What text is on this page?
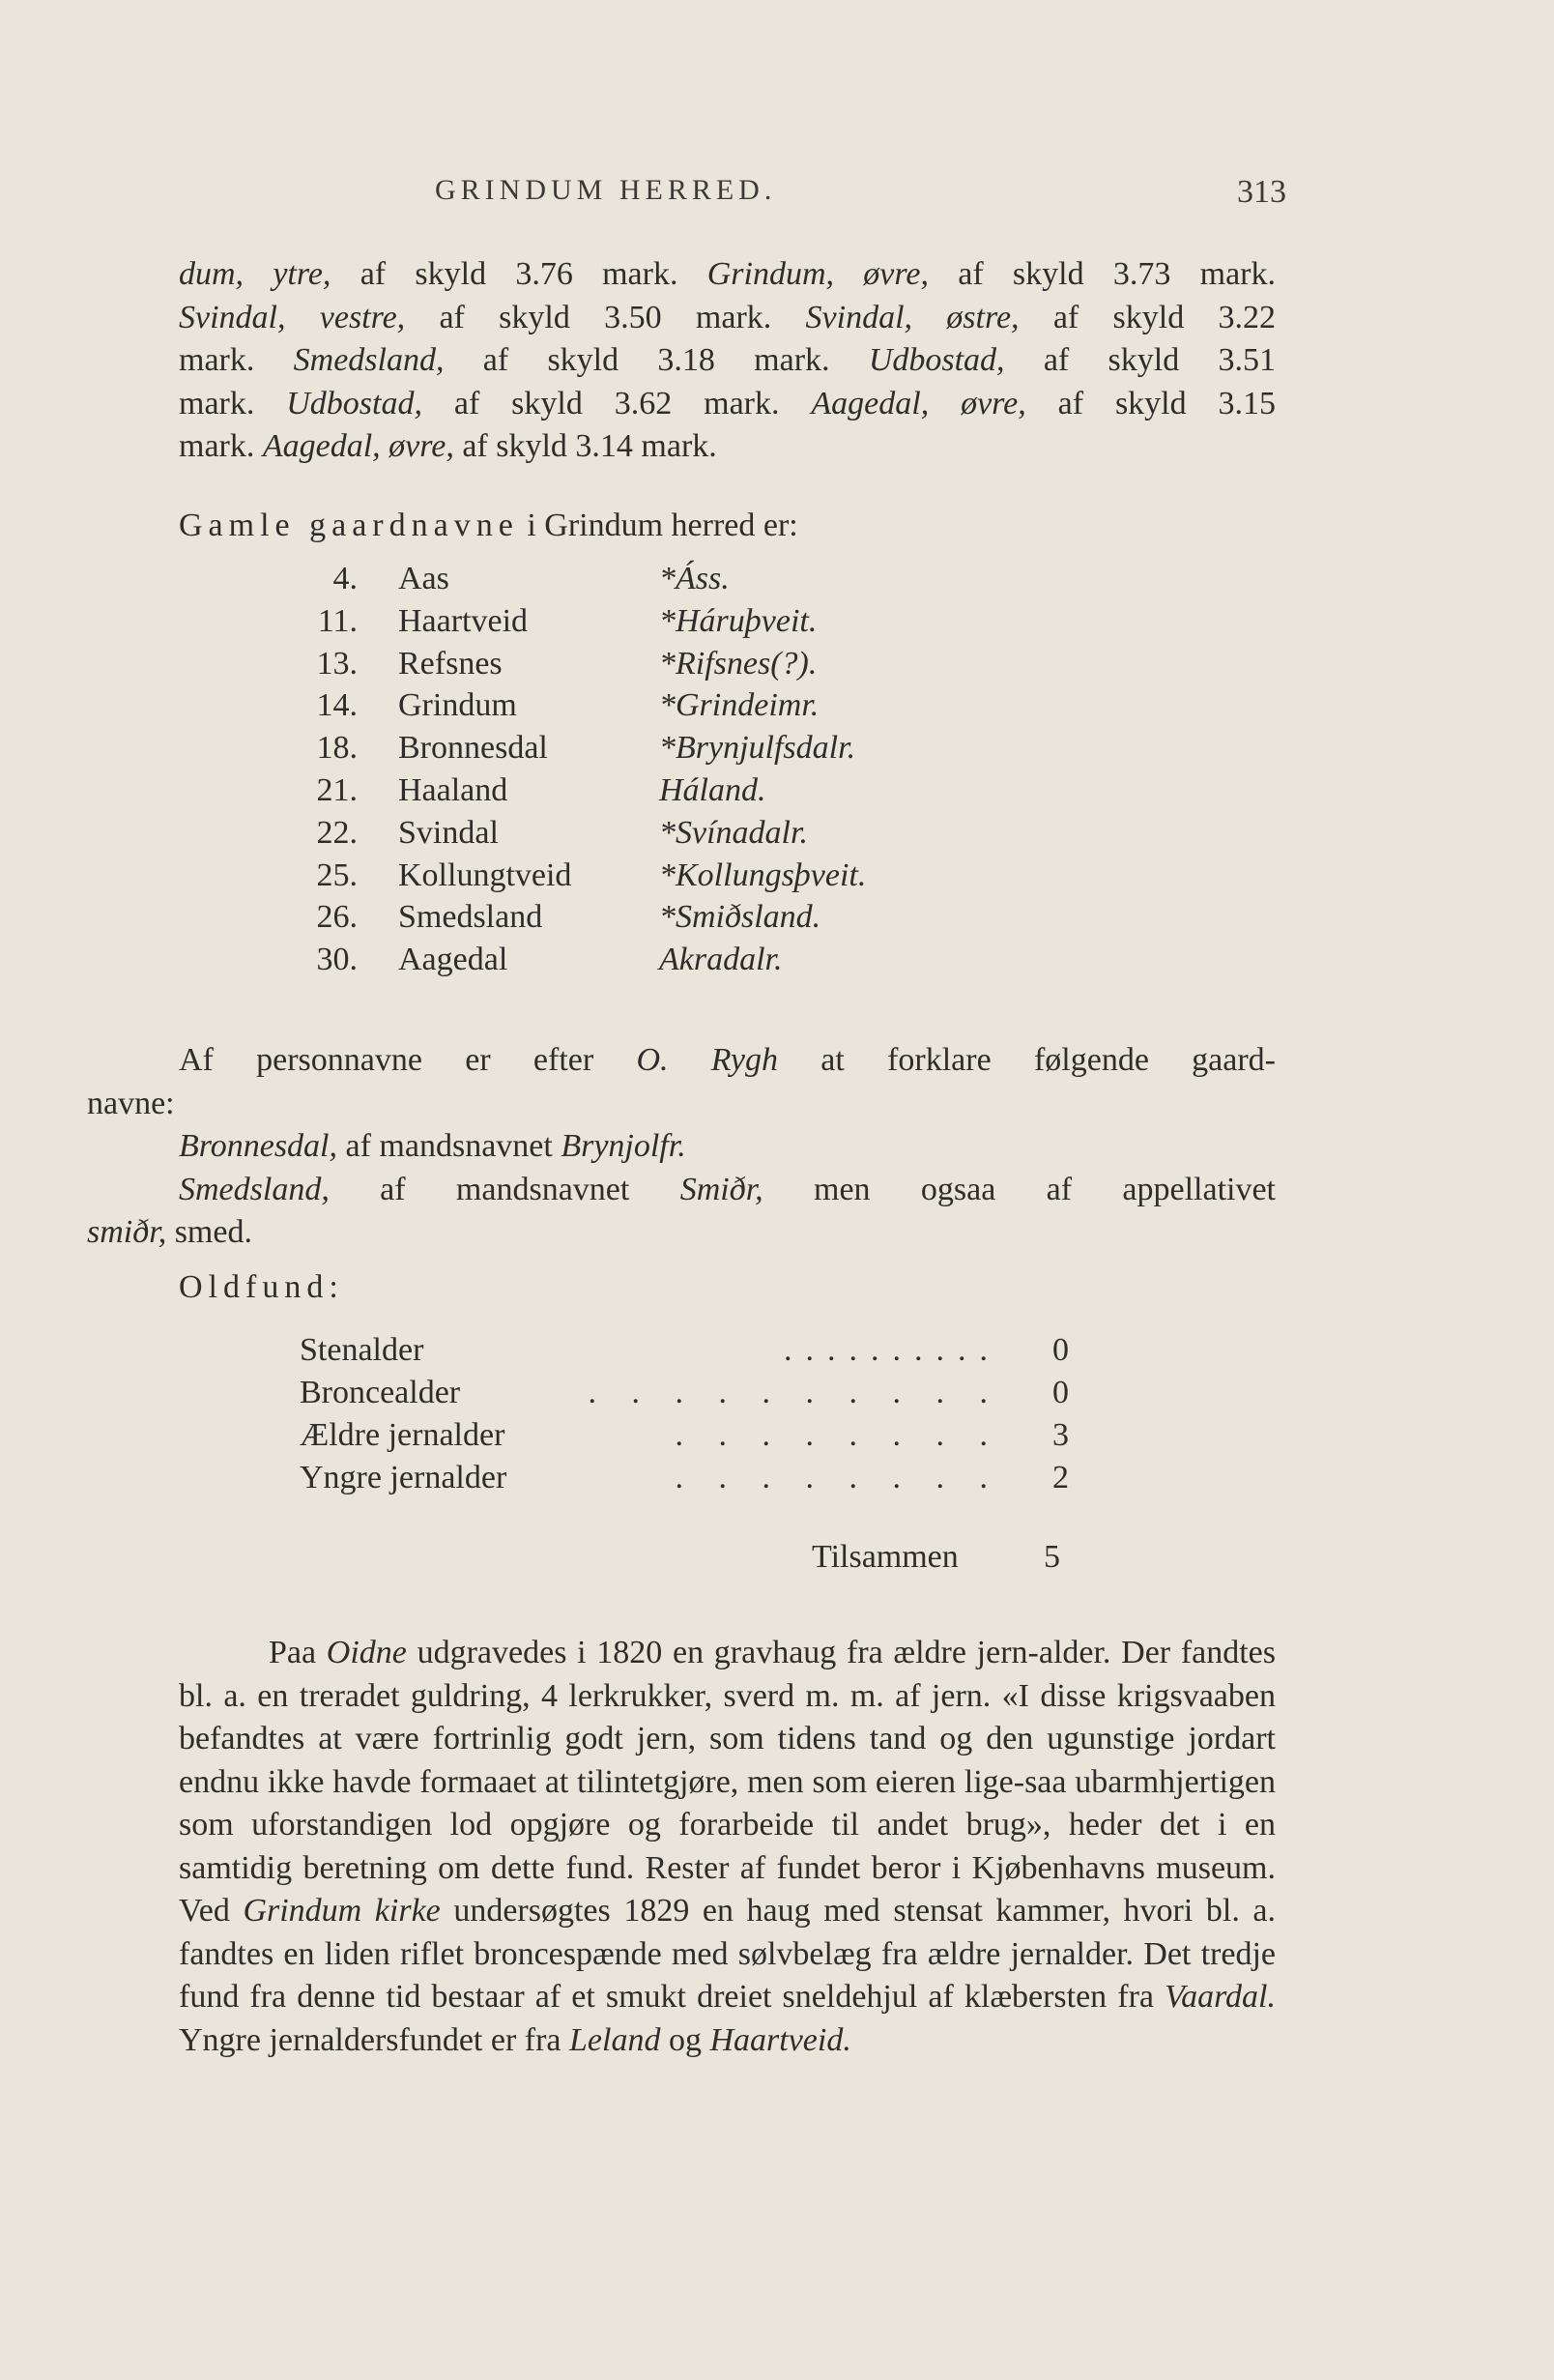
GRINDUM HERRED.	313
dum, ytre, af skyld 3.76 mark. Grindum, øvre, af skyld 3.73 mark.
Svindal, vestre, af skyld 3.50 mark. Svindal, østre, af skyld 3.22
mark. Smedsland, af skyld 3.18 mark. Udbostad, af skyld 3.51
mark. Udbostad, af skyld 3.62 mark. Aagedal, øvre, af skyld 3.15
mark. Aagedal, øvre, af skyld 3.14 mark.
Gamle gaardnavne i Grindum herred er:
4. Aas	*Áss.
11. Haartveid	*Háruþveit.
13. Refsnes	*Rifsnes(?).
14. Grindum	*Grindeimr.
18. Bronnesdal	*Brynjulfsdalr.
21. Haaland	Háland.
22. Svindal	*Svínadalr.
25. Kollungtveid	*Kollungsþveit.
26. Smedsland	*Smiðsland.
30. Aagedal	Akradalr.
Af personnavne er efter O. Rygh at forklare følgende gaard-
navne:
Bronnesdal, af mandsnavnet Brynjolfr.
Smedsland, af mandsnavnet Smiðr, men ogsaa af appellativet
smiðr, smed.
Oldfund:
Stenalder	..........	0
Broncealder	. . . . . . . . . .	0
Ældre jernalder	. . . . . . . .	3
Yngre jernalder	. . . . . . . .	2
Tilsammen	5
Paa Oidne udgravedes i 1820 en gravhaug fra ældre jern-alder. Der fandtes bl. a. en treradet guldring, 4 lerkrukker, sverd m. m. af jern. «I disse krigsvaaben befandtes at være fortrinlig godt jern, som tidens tand og den ugunstige jordart endnu ikke havde formaaet at tilintetgjøre, men som eieren lige-saa ubarmhjertigen som uforstandigen lod opgjøre og forarbeide til andet brug», heder det i en samtidig beretning om dette fund. Rester af fundet beror i Kjøbenhavns museum. Ved Grindum kirke undersøgtes 1829 en haug med stensat kammer, hvori bl. a. fandtes en liden riflet broncespænde med sølvbelæg fra ældre jernalder. Det tredje fund fra denne tid bestaar af et smukt dreiet sneldehjul af klæbersten fra Vaardal. Yngre jernaldersfundet er fra Leland og Haartveid.
